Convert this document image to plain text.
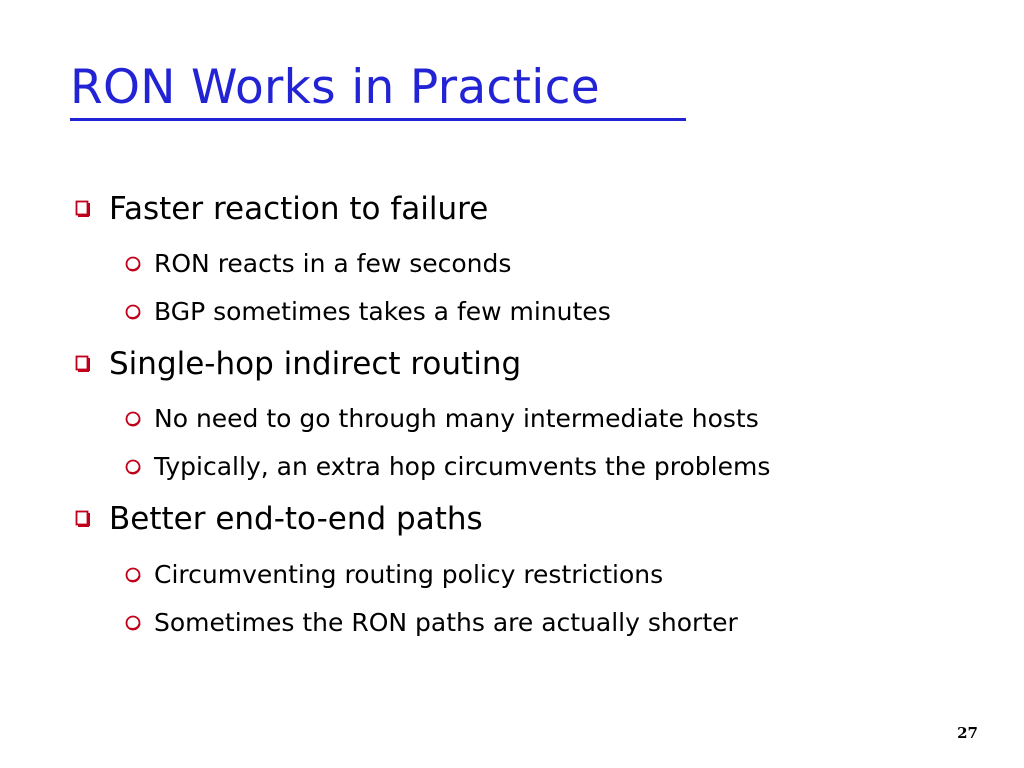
RON Works in Practice
Faster reaction to failure
RON reacts in a few seconds
BGP sometimes takes a few minutes
Single-hop indirect routing
No need to go through many intermediate hosts
Typically, an extra hop circumvents the problems
Better end-to-end paths
Circumventing routing policy restrictions
Sometimes the RON paths are actually shorter
27
